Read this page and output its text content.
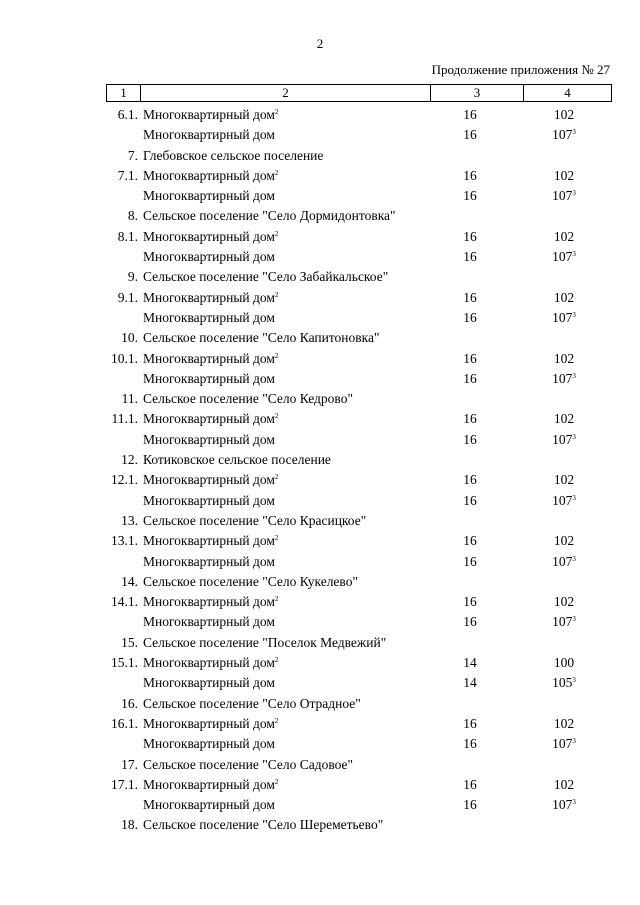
2
Продолжение приложения № 27
1	2	3	4
6.1. Многоквартирный дом$^2$	16	102
Многоквартирный дом	16	$107^3$
7. Глебовское сельское поселение
7.1. Многоквартирный дом$^2$	16	102
Многоквартирный дом	16	$107^3$
8. Сельское поселение "Село Дормидонтовка"
8.1. Многоквартирный дом$^2$	16	102
Многоквартирный дом	16	$107^3$
9. Сельское поселение "Село Забайкальское"
9.1. Многоквартирный дом$^2$	16	102
Многоквартирный дом	16	$107^3$
10. Сельское поселение "Село Капитоновка"
10.1. Многоквартирный дом$^2$	16	102
Многоквартирный дом	16	$107^3$
11. Сельское поселение "Село Кедрово"
11.1. Многоквартирный дом$^2$	16	102
Многоквартирный дом	16	$107^3$
12. Котиковское сельское поселение
12.1. Многоквартирный дом$^2$	16	102
Многоквартирный дом	16	$107^3$
13. Сельское поселение "Село Красицкое"
13.1. Многоквартирный дом$^2$	16	102
Многоквартирный дом	16	$107^3$
14. Сельское поселение "Село Кукелево"
14.1. Многоквартирный дом$^2$	16	102
Многоквартирный дом	16	$107^3$
15. Сельское поселение "Поселок Медвежий"
15.1. Многоквартирный дом$^2$	14	100
Многоквартирный дом	14	$105^3$
16. Сельское поселение "Село Отрадное"
16.1. Многоквартирный дом$^2$	16	102
Многоквартирный дом	16	$107^3$
17. Сельское поселение "Село Садовое"
17.1. Многоквартирный дом$^2$	16	102
Многоквартирный дом	16	$107^3$
18. Сельское поселение "Село Шереметьево"
